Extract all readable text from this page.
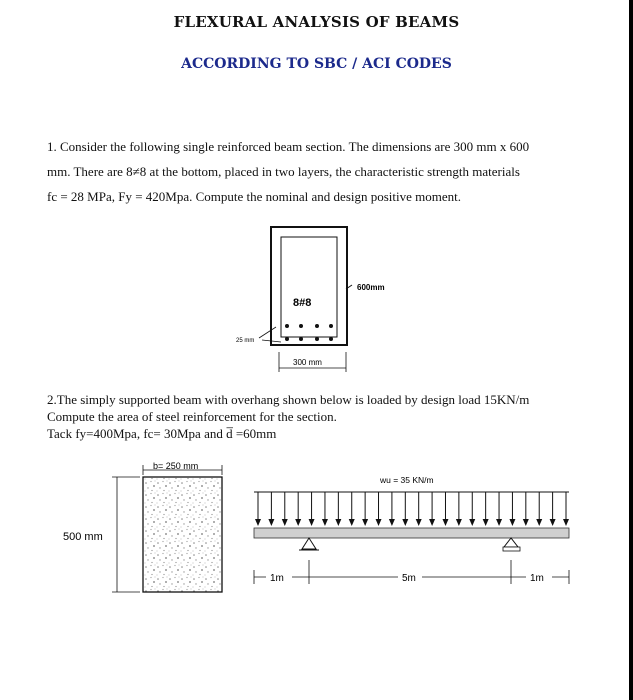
FLEXURAL ANALYSIS OF BEAMS
ACCORDING TO SBC / ACI CODES
1. Consider the following single reinforced beam section. The dimensions are 300 mm x 600
mm. There are 8≠8 at the bottom, placed in two layers, the characteristic strength materials
fc = 28 MPa, Fy = 420Mpa. Compute the nominal and design positive moment.
600mm
8#8
25 mm
300 mm
2.The simply supported beam with overhang shown below is loaded by design load 15KN/m
Compute the area of steel reinforcement for the section.
Tack fy=400Mpa, fc= 30Mpa and d̅ =60mm
b= 250 mm
500 mm
wu = 35 KN/m
1m	5m	1m
